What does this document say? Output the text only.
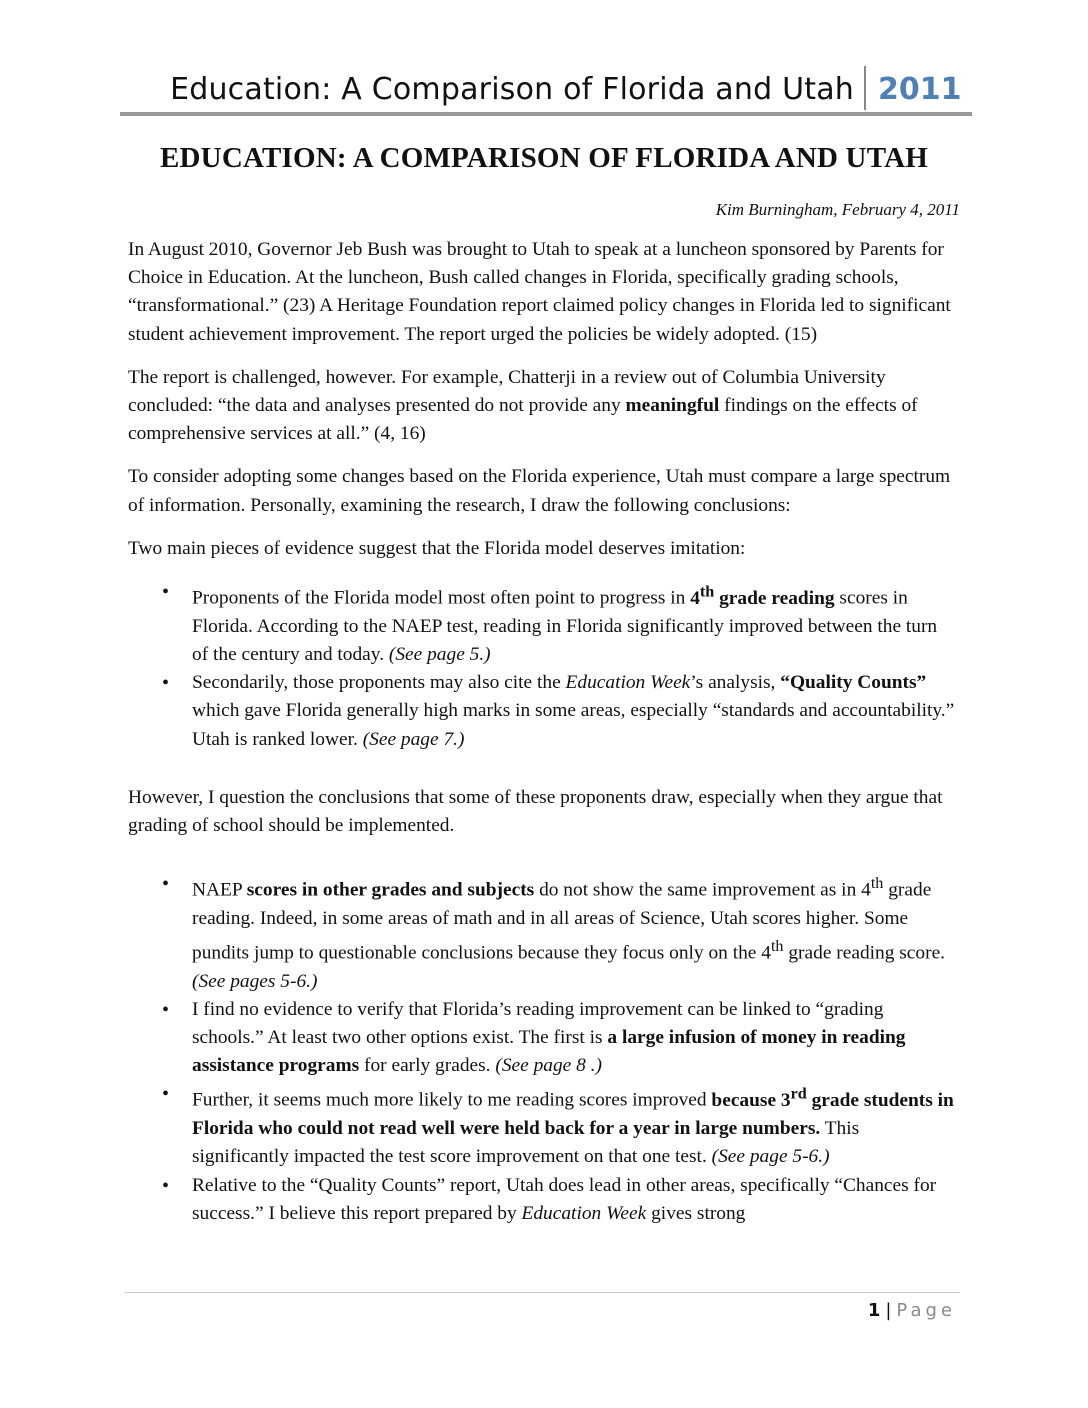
Education: A Comparison of Florida and Utah 2011
EDUCATION: A COMPARISON OF FLORIDA AND UTAH
Kim Burningham, February 4, 2011

In August 2010, Governor Jeb Bush was brought to Utah to speak at a luncheon sponsored by Parents for Choice in Education. At the luncheon, Bush called changes in Florida, specifically grading schools, “transformational.” (23) A Heritage Foundation report claimed policy changes in Florida led to significant student achievement improvement. The report urged the policies be widely adopted. (15)

The report is challenged, however. For example, Chatterji in a review out of Columbia University concluded: “the data and analyses presented do not provide any meaningful findings on the effects of comprehensive services at all.” (4, 16)

To consider adopting some changes based on the Florida experience, Utah must compare a large spectrum of information. Personally, examining the research, I draw the following conclusions:

Two main pieces of evidence suggest that the Florida model deserves imitation:

• Proponents of the Florida model most often point to progress in 4th grade reading scores in Florida. According to the NAEP test, reading in Florida significantly improved between the turn of the century and today. (See page 5.)
• Secondarily, those proponents may also cite the Education Week’s analysis, “Quality Counts” which gave Florida generally high marks in some areas, especially “standards and accountability.” Utah is ranked lower. (See page 7.)

However, I question the conclusions that some of these proponents draw, especially when they argue that grading of school should be implemented.

• NAEP scores in other grades and subjects do not show the same improvement as in 4th grade reading. Indeed, in some areas of math and in all areas of Science, Utah scores higher. Some pundits jump to questionable conclusions because they focus only on the 4th grade reading score. (See pages 5-6.)
• I find no evidence to verify that Florida’s reading improvement can be linked to “grading schools.” At least two other options exist. The first is a large infusion of money in reading assistance programs for early grades. (See page 8 .)
• Further, it seems much more likely to me reading scores improved because 3rd grade students in Florida who could not read well were held back for a year in large numbers. This significantly impacted the test score improvement on that one test. (See page 5-6.)
• Relative to the “Quality Counts” report, Utah does lead in other areas, specifically “Chances for success.” I believe this report prepared by Education Week gives strong
1 | Page
